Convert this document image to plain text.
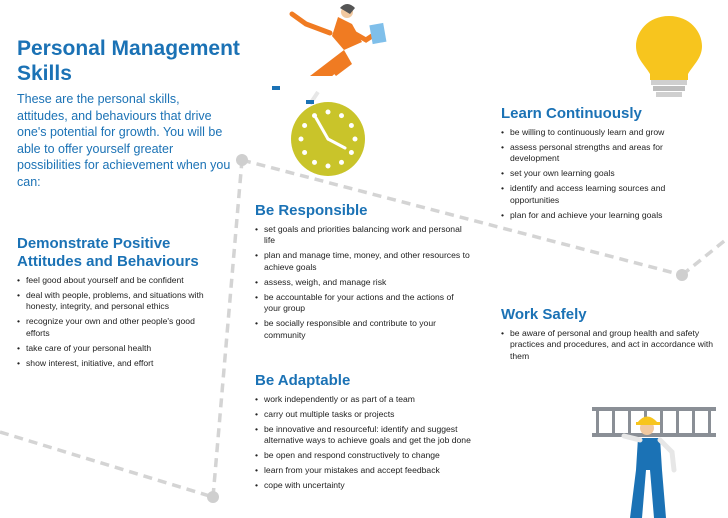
Personal Management Skills

These are the personal skills, attitudes, and behaviours that drive one's potential for growth. You will be able to offer yourself greater possibilities for achievement when you can:

Demonstrate Positive Attitudes and Behaviours
• feel good about yourself and be confident
• deal with people, problems, and situations with honesty, integrity, and personal ethics
• recognize your own and other people's good efforts
• take care of your personal health
• show interest, initiative, and effort
Be Responsible
• set goals and priorities balancing work and personal life
• plan and manage time, money, and other resources to achieve goals
• assess, weigh, and manage risk
• be accountable for your actions and the actions of your group
• be socially responsible and contribute to your community
Be Adaptable
• work independently or as part of a team
• carry out multiple tasks or projects
• be innovative and resourceful: identify and suggest alternative ways to achieve goals and get the job done
• be open and respond constructively to change
• learn from your mistakes and accept feedback
• cope with uncertainty
Learn Continuously
• be willing to continuously learn and grow
• assess personal strengths and areas for development
• set your own learning goals
• identify and access learning sources and opportunities
• plan for and achieve your learning goals
Work Safely
• be aware of personal and group health and safety practices and procedures, and act in accordance with them
